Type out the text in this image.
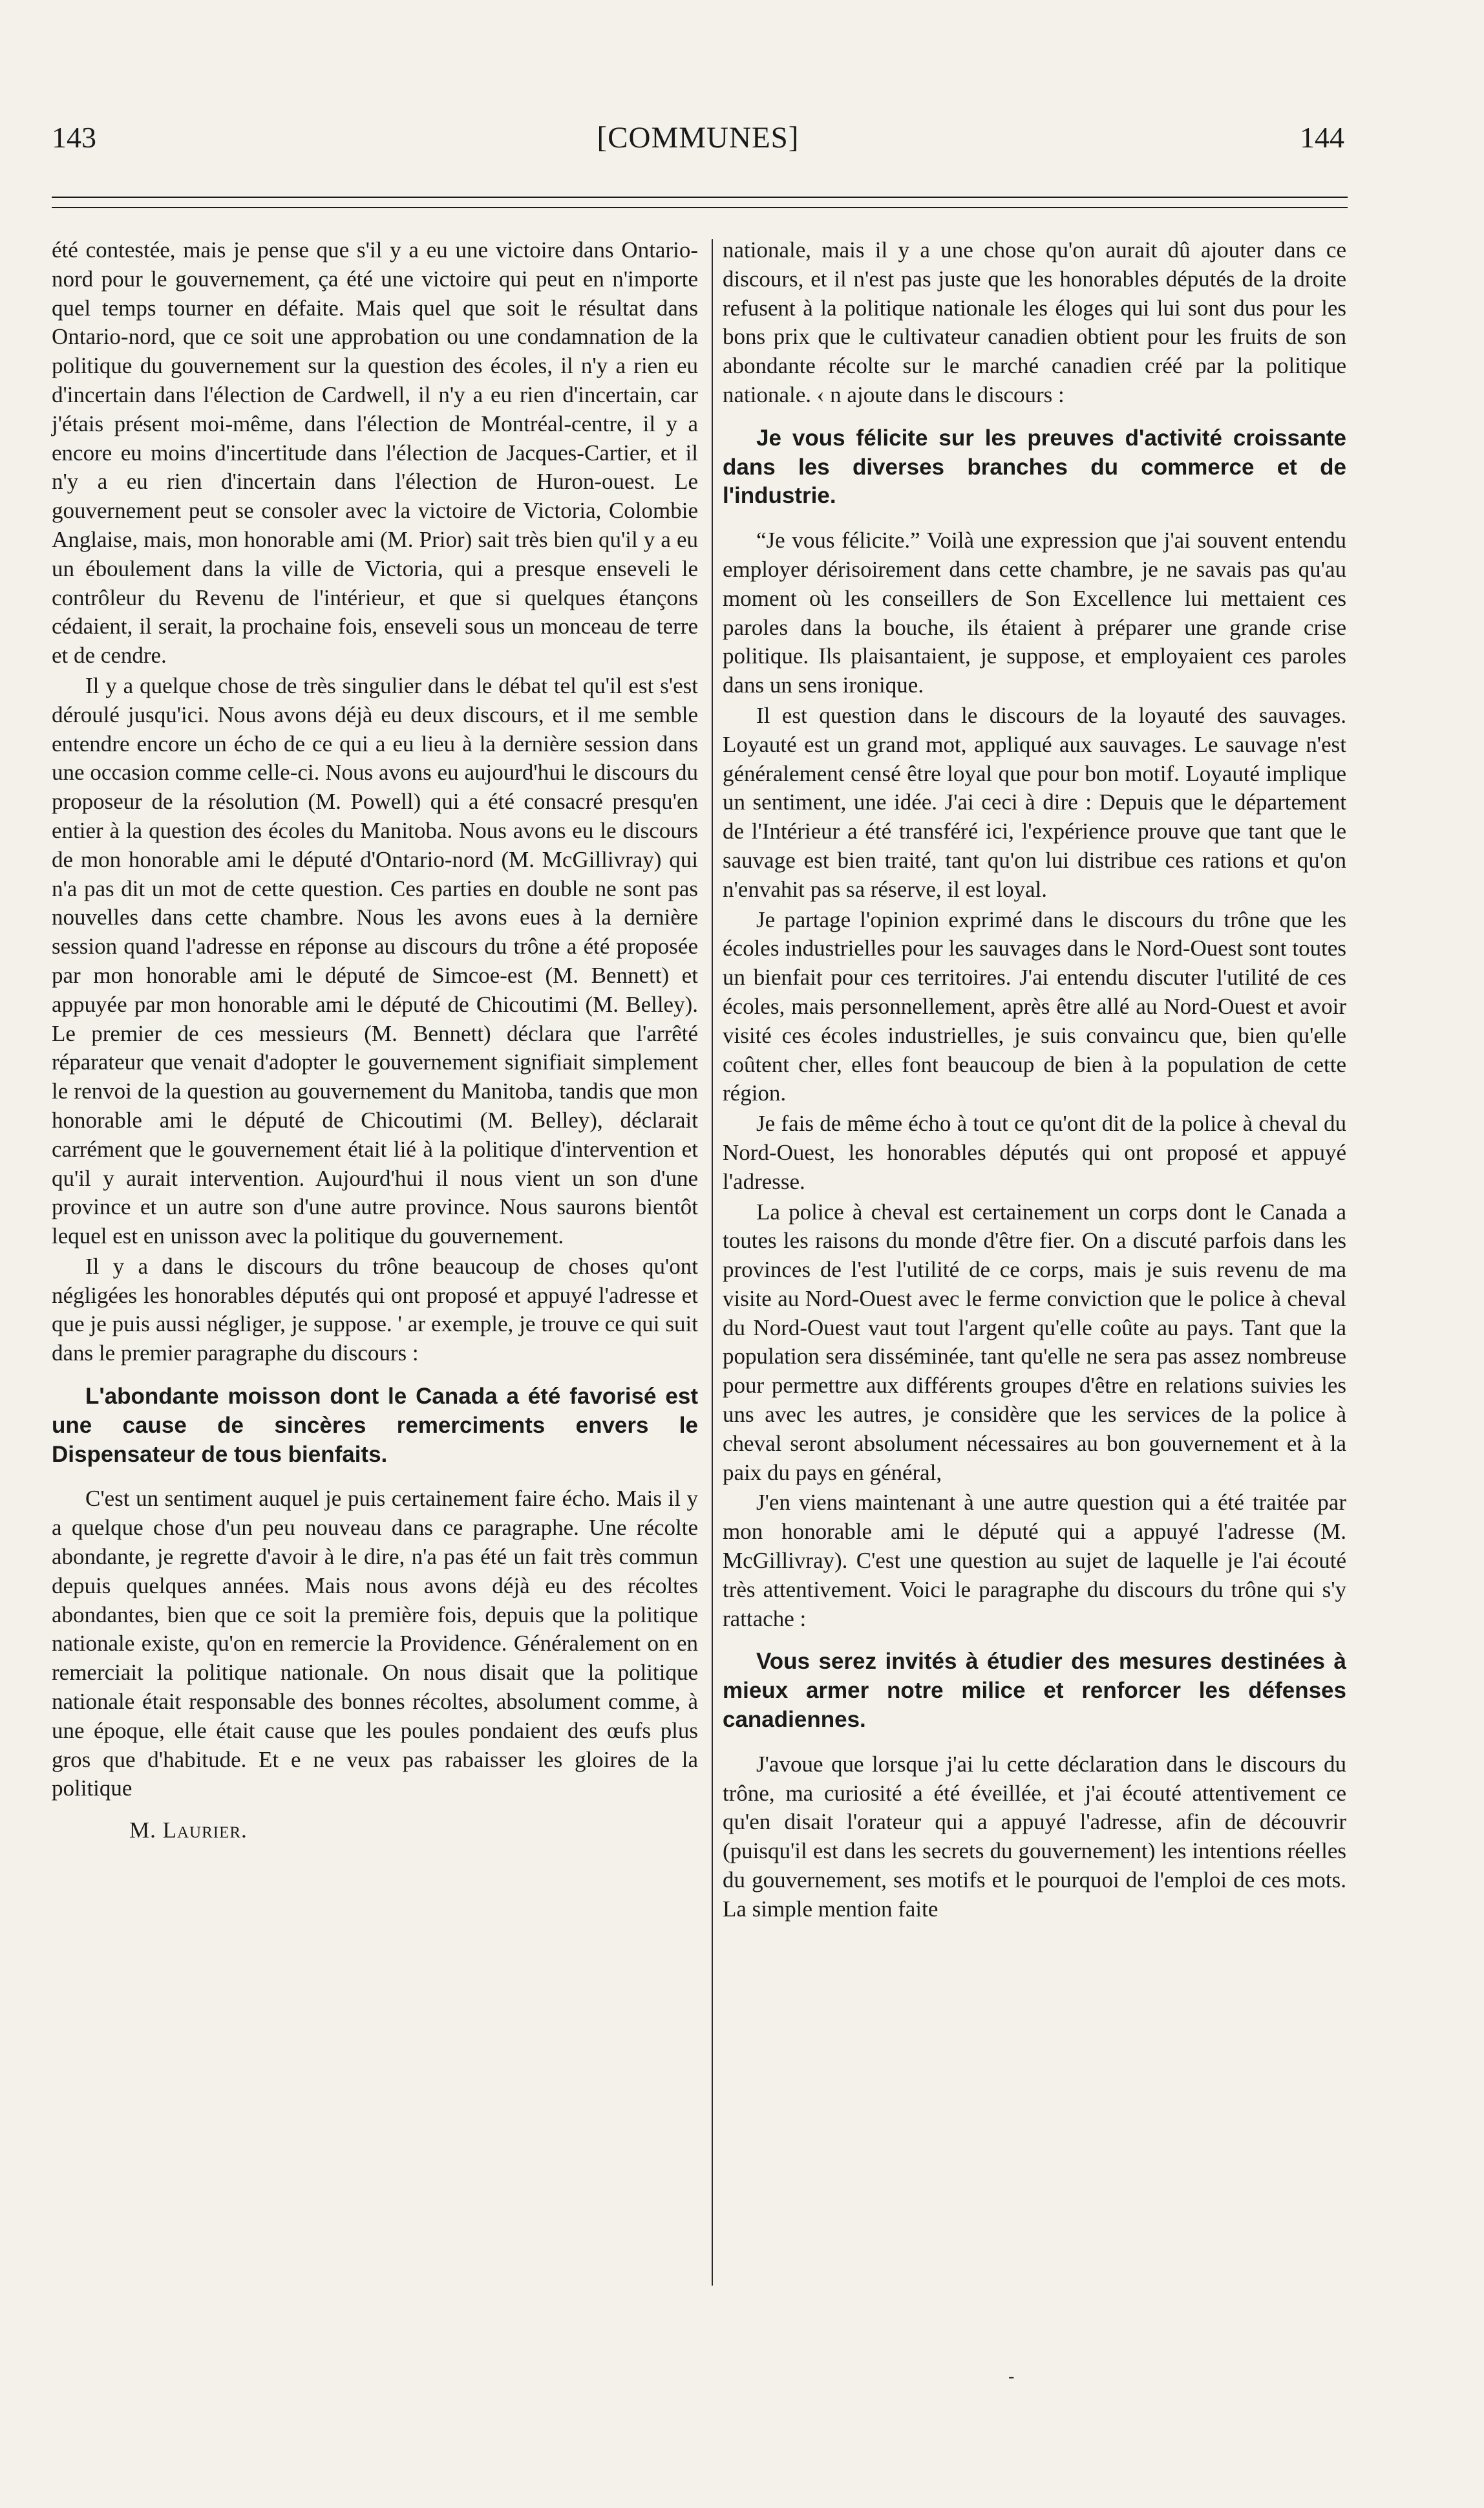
143	[COMMUNES]	144

été contestée, mais je pense que s'il y a eu une victoire dans Ontario-nord pour le gouvernement, ça été une victoire qui peut en n'importe quel temps tourner en défaite. Mais quel que soit le résultat dans Ontario-nord, que ce soit une approbation ou une condamnation de la politique du gouvernement sur la question des écoles, il n'y a rien eu d'incertain dans l'élection de Cardwell, il n'y a eu rien d'incertain, car j'étais présent moi-même, dans l'élection de Montréal-centre, il y a encore eu moins d'incertitude dans l'élection de Jacques-Cartier, et il n'y a eu rien d'incertain dans l'élection de Huron-ouest. Le gouvernement peut se consoler avec la victoire de Victoria, Colombie Anglaise, mais, mon honorable ami (M. Prior) sait très bien qu'il y a eu un éboulement dans la ville de Victoria, qui a presque enseveli le contrôleur du Revenu de l'intérieur, et que si quelques étançons cédaient, il serait, la prochaine fois, enseveli sous un monceau de terre et de cendre.

Il y a quelque chose de très singulier dans le débat tel qu'il est s'est déroulé jusqu'ici. Nous avons déjà eu deux discours, et il me semble entendre encore un écho de ce qui a eu lieu à la dernière session dans une occasion comme celle-ci. Nous avons eu aujourd'hui le discours du proposeur de la résolution (M. Powell) qui a été consacré presqu'en entier à la question des écoles du Manitoba. Nous avons eu le discours de mon honorable ami le député d'Ontario-nord (M. McGillivray) qui n'a pas dit un mot de cette question. Ces parties en double ne sont pas nouvelles dans cette chambre. Nous les avons eues à la dernière session quand l'adresse en réponse au discours du trône a été proposée par mon honorable ami le député de Simcoe-est (M. Bennett) et appuyée par mon honorable ami le député de Chicoutimi (M. Belley). Le premier de ces messieurs (M. Bennett) déclara que l'arrêté réparateur que venait d'adopter le gouvernement signifiait simplement le renvoi de la question au gouvernement du Manitoba, tandis que mon honorable ami le député de Chicoutimi (M. Belley), déclarait carrément que le gouvernement était lié à la politique d'intervention et qu'il y aurait intervention. Aujourd'hui il nous vient un son d'une province et un autre son d'une autre province. Nous saurons bientôt lequel est en unisson avec la politique du gouvernement.

Il y a dans le discours du trône beaucoup de choses qu'ont négligées les honorables députés qui ont proposé et appuyé l'adresse et que je puis aussi négliger, je suppose. ' ar exemple, je trouve ce qui suit dans le premier paragraphe du discours :

L'abondante moisson dont le Canada a été favorisé est une cause de sincères remerciments envers le Dispensateur de tous bienfaits.

C'est un sentiment auquel je puis certainement faire écho. Mais il y a quelque chose d'un peu nouveau dans ce paragraphe. Une récolte abondante, je regrette d'avoir à le dire, n'a pas été un fait très commun depuis quelques années. Mais nous avons déjà eu des récoltes abondantes, bien que ce soit la première fois, depuis que la politique nationale existe, qu'on en remercie la Providence. Généralement on en remerciait la politique nationale. On nous disait que la politique nationale était responsable des bonnes récoltes, absolument comme, à une époque, elle était cause que les poules pondaient des œufs plus gros que d'habitude. Et e ne veux pas rabaisser les gloires de la politique

M. Laurier.

nationale, mais il y a une chose qu'on aurait dû ajouter dans ce discours, et il n'est pas juste que les honorables députés de la droite refusent à la politique nationale les éloges qui lui sont dus pour les bons prix que le cultivateur canadien obtient pour les fruits de son abondante récolte sur le marché canadien créé par la politique nationale. ‹ n ajoute dans le discours :

Je vous félicite sur les preuves d'activité croissante dans les diverses branches du commerce et de l'industrie.

“Je vous félicite.” Voilà une expression que j'ai souvent entendu employer dérisoirement dans cette chambre, je ne savais pas qu'au moment où les conseillers de Son Excellence lui mettaient ces paroles dans la bouche, ils étaient à préparer une grande crise politique. Ils plaisantaient, je suppose, et employaient ces paroles dans un sens ironique.

Il est question dans le discours de la loyauté des sauvages. Loyauté est un grand mot, appliqué aux sauvages. Le sauvage n'est généralement censé être loyal que pour bon motif. Loyauté implique un sentiment, une idée. J'ai ceci à dire : Depuis que le département de l'Intérieur a été transféré ici, l'expérience prouve que tant que le sauvage est bien traité, tant qu'on lui distribue ces rations et qu'on n'envahit pas sa réserve, il est loyal.

Je partage l'opinion exprimé dans le discours du trône que les écoles industrielles pour les sauvages dans le Nord-Ouest sont toutes un bienfait pour ces territoires. J'ai entendu discuter l'utilité de ces écoles, mais personnellement, après être allé au Nord-Ouest et avoir visité ces écoles industrielles, je suis convaincu que, bien qu'elle coûtent cher, elles font beaucoup de bien à la population de cette région.

Je fais de même écho à tout ce qu'ont dit de la police à cheval du Nord-Ouest, les honorables députés qui ont proposé et appuyé l'adresse.

La police à cheval est certainement un corps dont le Canada a toutes les raisons du monde d'être fier. On a discuté parfois dans les provinces de l'est l'utilité de ce corps, mais je suis revenu de ma visite au Nord-Ouest avec le ferme conviction que le police à cheval du Nord-Ouest vaut tout l'argent qu'elle coûte au pays. Tant que la population sera disséminée, tant qu'elle ne sera pas assez nombreuse pour permettre aux différents groupes d'être en relations suivies les uns avec les autres, je considère que les services de la police à cheval seront absolument nécessaires au bon gouvernement et à la paix du pays en général,

J'en viens maintenant à une autre question qui a été traitée par mon honorable ami le député qui a appuyé l'adresse (M. McGillivray). C'est une question au sujet de laquelle je l'ai écouté très attentivement. Voici le paragraphe du discours du trône qui s'y rattache :

Vous serez invités à étudier des mesures destinées à mieux armer notre milice et renforcer les défenses canadiennes.

J'avoue que lorsque j'ai lu cette déclaration dans le discours du trône, ma curiosité a été éveillée, et j'ai écouté attentivement ce qu'en disait l'orateur qui a appuyé l'adresse, afin de découvrir (puisqu'il est dans les secrets du gouvernement) les intentions réelles du gouvernement, ses motifs et le pourquoi de l'emploi de ces mots. La simple mention faite

-
